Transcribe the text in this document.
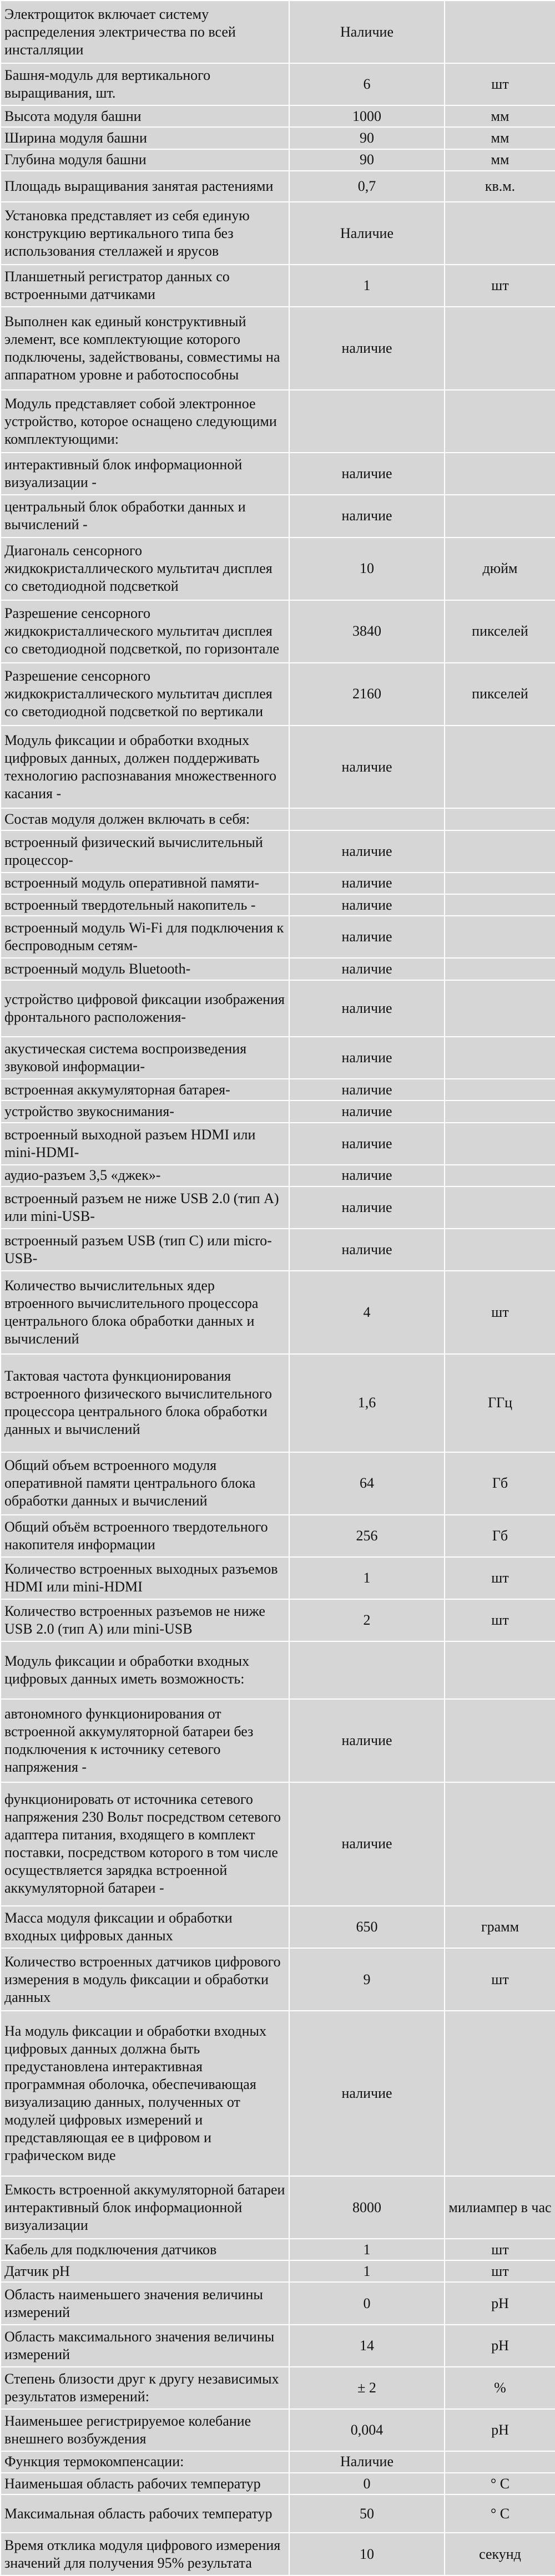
Электрощиток включает систему распределения электричества по всей инсталляции	Наличие	
Башня-модуль для вертикального выращивания, шт.	6	шт
Высота модуля башни	1000	мм
Ширина модуля башни	90	мм
Глубина модуля башни	90	мм
Площадь выращивания занятая растениями	0,7	кв.м.
Установка представляет из себя единую конструкцию вертикального типа без использования стеллажей и ярусов	Наличие	
Планшетный регистратор данных со встроенными датчиками	1	шт
Выполнен как единый конструктивный элемент, все комплектующие которого подключены, задействованы, совместимы на аппаратном уровне и работоспособны	наличие	
Модуль представляет собой электронное устройство, которое оснащено следующими комплектующими:		
интерактивный блок информационной визуализации -	наличие	
центральный блок обработки данных и вычислений -	наличие	
Диагональ сенсорного жидкокристаллического мультитач дисплея со светодиодной подсветкой	10	дюйм
Разрешение сенсорного жидкокристаллического мультитач дисплея со светодиодной подсветкой, по горизонтале	3840	пикселей
Разрешение сенсорного жидкокристаллического мультитач дисплея со светодиодной подсветкой по вертикали	2160	пикселей
Модуль фиксации и обработки входных цифровых данных, должен поддерживать технологию распознавания множественного касания -	наличие	
Состав модуля должен включать в себя:		
встроенный физический вычислительный процессор-	наличие	
встроенный модуль оперативной памяти-	наличие	
встроенный твердотельный накопитель -	наличие	
встроенный модуль Wi-Fi для подключения к беспроводным сетям-	наличие	
встроенный модуль Bluetooth-	наличие	
устройство цифровой фиксации изображения фронтального расположения-	наличие	
акустическая система воспроизведения звуковой информации-	наличие	
встроенная аккумуляторная батарея-	наличие	
устройство звукоснимания-	наличие	
встроенный выходной разъем HDMI или mini-HDMI-	наличие	
аудио-разъем 3,5 «джек»-	наличие	
встроенный разъем не ниже USB 2.0 (тип A) или mini-USB-	наличие	
встроенный разъем USB (тип C) или micro-USB-	наличие	
Количество вычислительных ядер втроенного вычислительного процессора центрального блока обработки данных и вычислений	4	шт
Тактовая частота функционирования встроенного физического вычислительного процессора центрального блока обработки данных и вычислений	1,6	ГГц
Общий объем встроенного модуля оперативной памяти центрального блока обработки данных и вычислений	64	Гб
Общий объём встроенного твердотельного накопителя информации	256	Гб
Количество встроенных выходных разъемов HDMI или mini-HDMI	1	шт
Количество встроенных разъемов не ниже USB 2.0 (тип A) или mini-USB	2	шт
Модуль фиксации и обработки входных цифровых данных иметь возможность:		
автономного функционирования от встроенной аккумуляторной батареи без подключения к источнику сетевого напряжения -	наличие	
функционировать от источника сетевого напряжения 230 Вольт посредством сетевого адаптера питания, входящего в комплект поставки, посредством которого в том числе осуществляется зарядка встроенной аккумуляторной батареи -	наличие	
Масса модуля фиксации и обработки входных цифровых данных	650	грамм
Количество встроенных датчиков цифрового измерения в модуль фиксации и обработки данных	9	шт
На модуль фиксации и обработки входных цифровых данных должна быть предустановлена интерактивная программная оболочка, обеспечивающая визуализацию данных, полученных от модулей цифровых измерений и представляющая ее в цифровом и графическом виде	наличие	
Емкость встроенной аккумуляторной батареи интерактивный блок информационной визуализации	8000	милиампер в час
Кабель для подключения датчиков	1	шт
Датчик pH	1	шт
Область наименьшего значения величины измерений	0	pH
Область максимального значения величины измерений	14	pH
Степень близости друг к другу независимых результатов измерений:	± 2	%
Наименьшее регистрируемое колебание внешнего возбуждения	0,004	pH
Функция термокомпенсации:	Наличие	
Наименьшая область рабочих температур	0	° С
Максимальная область рабочих температур	50	° С
Время отклика модуля цифрового измерения значений для получения 95% результата	10	секунд
